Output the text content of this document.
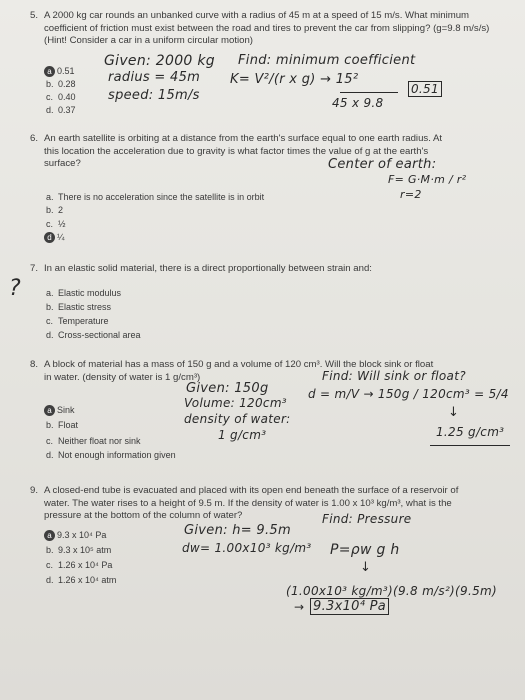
5. A 2000 kg car rounds an unbanked curve with a radius of 45 m at a speed of 15 m/s. What minimum coefficient of friction must exist between the road and tires to prevent the car from slipping? (g=9.8 m/s/s)(Hint! Consider a car in a uniform circular motion)
a 0.51
b. 0.28
c. 0.40
d. 0.37
Given: 2000 kg
radius = 45m
speed: 15m/s
Find: minimum coefficient
K= V²/(r x g) → 15²
45 x 9.8
0.51
6. An earth satellite is orbiting at a distance from the earth's surface equal to one earth radius. At this location the acceleration due to gravity is what factor times the value of g at the earth's surface?
a. There is no acceleration since the satellite is in orbit
b. 2
c. ½
d ¼
Center of earth:
F= G·M·m / r²
r=2
7. In an elastic solid material, there is a direct proportionally between strain and:
?	a. Elastic modulus
b. Elastic stress
c. Temperature
d. Cross-sectional area
8. A block of material has a mass of 150 g and a volume of 120 cm³. Will the block sink or float in water. (density of water is 1 g/cm³)
a Sink
b. Float
c. Neither float nor sink
d. Not enough information given
Find: Will sink or float?
Given: 150g
Volume: 120cm³
density of water:
1 g/cm³
d = m/V → 150g / 120cm³ = 5/4
↓
1.25 g/cm³
9. A closed-end tube is evacuated and placed with its open end beneath the surface of a reservoir of water. The water rises to a height of 9.5 m. If the density of water is 1.00 x 10³ kg/m³, what is the pressure at the bottom of the column of water?
a 9.3 x 10⁴ Pa
b. 9.3 x 10⁵ atm
c. 1.26 x 10⁴ Pa
d. 1.26 x 10⁴ atm
Find: Pressure
Given: h= 9.5m
dw= 1.00x10³ kg/m³ P=ρw g h
↓
(1.00x10³ kg/m³)(9.8 m/s²)(9.5m)
→ 9.3x10⁴ Pa
